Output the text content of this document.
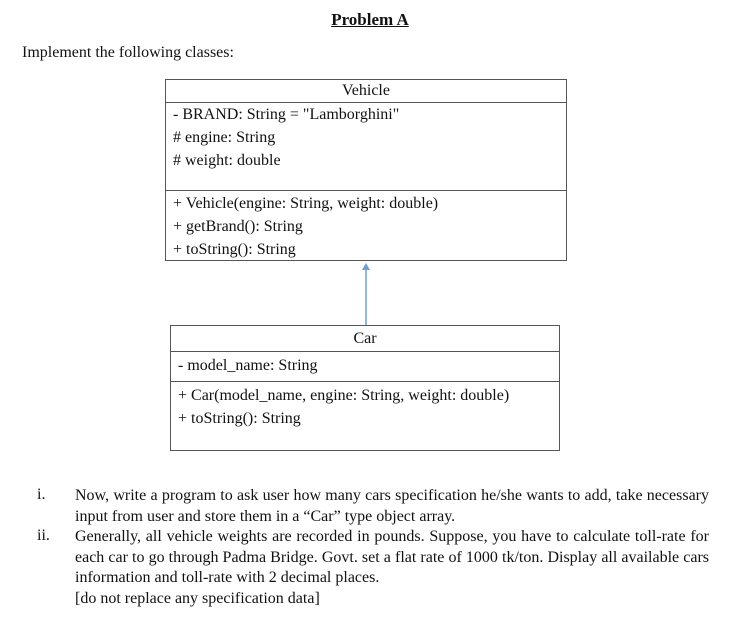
Problem A
Implement the following classes:
Vehicle
- BRAND: String = "Lamborghini"
# engine: String
# weight: double
+ Vehicle(engine: String, weight: double)
+ getBrand(): String
+ toString(): String
Car
- model_name: String
+ Car(model_name, engine: String, weight: double)
+ toString(): String
i. Now, write a program to ask user how many cars specification he/she wants to add, take necessary input from user and store them in a “Car” type object array.
ii. Generally, all vehicle weights are recorded in pounds. Suppose, you have to calculate toll-rate for each car to go through Padma Bridge. Govt. set a flat rate of 1000 tk/ton. Display all available cars information and toll-rate with 2 decimal places.
[do not replace any specification data]
